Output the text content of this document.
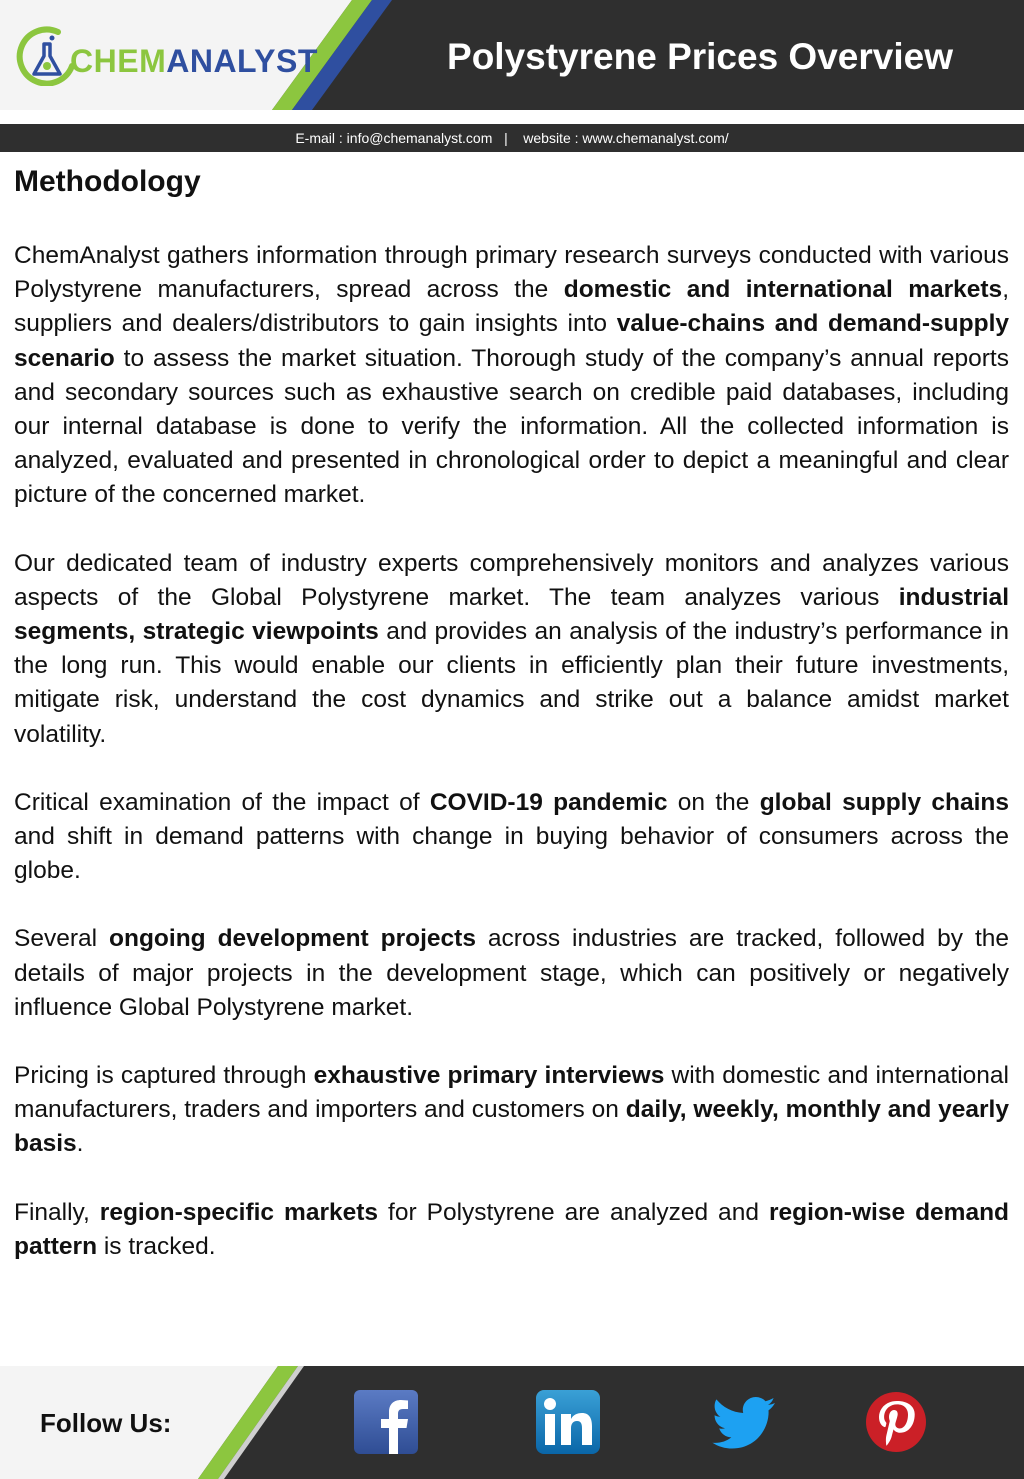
CHEMANALYST	Polystyrene Prices Overview
E-mail : info@chemanalyst.com | website : www.chemanalyst.com/
Methodology

ChemAnalyst gathers information through primary research surveys conducted with various Polystyrene manufacturers, spread across the domestic and international markets, suppliers and dealers/distributors to gain insights into value-chains and demand-supply scenario to assess the market situation. Thorough study of the company’s annual reports and secondary sources such as exhaustive search on credible paid databases, including our internal database is done to verify the information. All the collected information is analyzed, evaluated and presented in chronological order to depict a meaningful and clear picture of the concerned market.

Our dedicated team of industry experts comprehensively monitors and analyzes various aspects of the Global Polystyrene market. The team analyzes various industrial segments, strategic viewpoints and provides an analysis of the industry’s performance in the long run. This would enable our clients in efficiently plan their future investments, mitigate risk, understand the cost dynamics and strike out a balance amidst market volatility.

Critical examination of the impact of COVID-19 pandemic on the global supply chains and shift in demand patterns with change in buying behavior of consumers across the globe.

Several ongoing development projects across industries are tracked, followed by the details of major projects in the development stage, which can positively or negatively influence Global Polystyrene market.

Pricing is captured through exhaustive primary interviews with domestic and international manufacturers, traders and importers and customers on daily, weekly, monthly and yearly basis.

Finally, region-specific markets for Polystyrene are analyzed and region-wise demand pattern is tracked.

Follow Us:
